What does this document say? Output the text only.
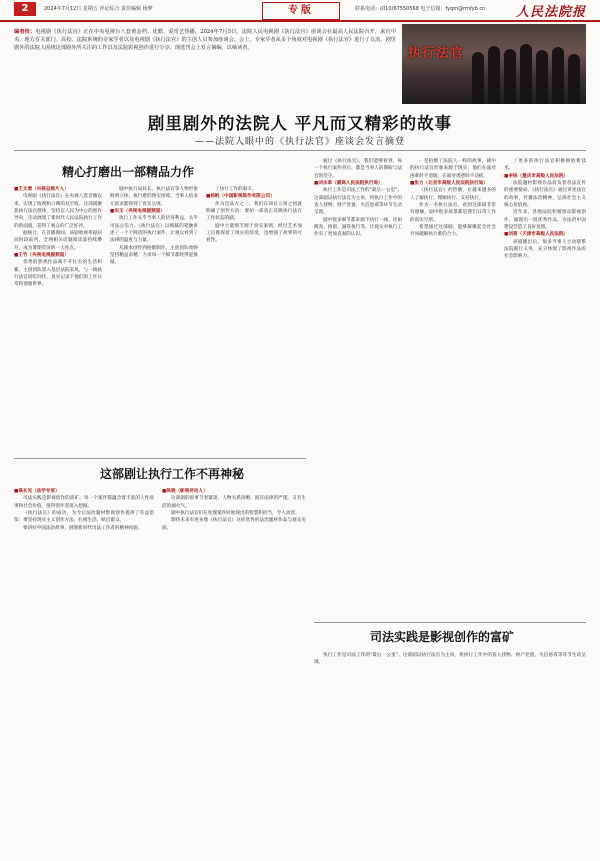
2	2024年7月12日 星期五 评论综合 责任编辑 杨梦	专版	联系电话：(010)67550568 电子信箱：fyqm@rmfyb.cn 人民法院报
编者按：电视剧《执行法官》正在中央电视台八套黄金档、优酷、爱奇艺热播。2024年7月5日，法院人民电视剧《执行法官》座谈会在最高人民法院召开，来自中央、地方有关部门、高校、法院系统的专家学者以及电视剧《执行法官》的主创人员参加座谈会。会上，专家学者从多个角度对电视剧《执行法官》进行了交流，剧里剧外的法院人围绕这部剧外所关注的工作以及法院影视创作进行分享。现选刊会上发言摘编，以飨读者。	执行法官
剧里剧外的法院人 平凡而又精彩的故事
——法院人眼中的《执行法官》座谈会发言摘登
精心打磨出一部精品力作
这部剧让执行工作不再神秘
司法实践是影视创作的富矿

■王文增（央视总制片人）

电视剧《执行法官》在央视八套首播以来，实现了收视和口碑的双丰收。这部剧聚焦执行法官群体，坚持以人民为中心的创作导向，生动展现了新时代人民法院执行工作的新面貌，获得了观众的广泛好评。

据统计，在首播期间，该剧收视率稳居同时段前列，全网相关话题阅读量持续攀升，成为暑期荧屏的一大亮点。

■王竹（央视电视剧频道）

优秀的影视作品离不开扎实的生活积累。主创团队深入基层法院采风，与一线执行法官同吃同住，真实记录下他们的工作日常和情感世界。

剧中执行局局长、执行法官等人物形象鲜明立体，执行难的现实困境、当事人的多元诉求都得到了真实呈现。

■宋玉（央视电视剧频道）

执行工作关乎当事人的切身利益，关乎司法公信力。《执行法官》以细腻的笔触讲述了一个个鲜活的执行案件，让观众看到了法律的温度与力量。

从剧本创作到拍摄制作，主创团队始终坚持精益求精，力求每一个细节都经得起推敲。

了执行工作的艰辛。

■杨帆（中国影视制作有限公司）

作为出品方之一，我们在项目立项之初就明确了创作方向：要拍一部真正反映执行法官工作状态的剧。

剧中大量情节源于真实案例，经过艺术加工后既保留了现实的厚度，也增强了故事的可看性。

通过《执行法官》，我们能够看到，每一个执行案件背后，都是当事人的期盼与法官的坚守。

■刘永革（最高人民法院执行局）

执行工作是司法工作的"最后一公里"。这部剧以执行法官为主角，将执行工作中的查人找物、财产处置、失信惩戒等环节生动呈现。

剧中很多细节都来源于执行一线，比如搜查、拘留、悬赏执行等，让观众对执行工作有了更加直观的认识。

一是拍摄了法院人一样的故事。剧中的执行法官形象来源于现实，他们在面对困难时不退缩，在面对诱惑时不动摇。

■张力（北京市高级人民法院执行局）

《执行法官》的热播，让越来越多的人了解执行、理解执行、支持执行。

作为一名执行法官，看到这部剧非常有感触，剧中很多场景都是我们日常工作的真实写照。

希望通过这部剧，能够凝聚起全社会共同破解执行难的合力。

了更多的执行法官积极拥抱新技术。

■李杨（重庆市高级人民法院）

法院题材影视作品肩负着普法宣传的重要使命。《执行法官》通过讲述法官的故事，传播法治精神，弘扬社会主义核心价值观。

近年来，各地法院积极推动影视创作，涌现出一批优秀作品，为法治中国建设营造了良好氛围。

■刘茜（天津市高级人民法院）

该剧播出后，很多当事人主动联系法院履行义务，充分体现了影视作品的社会影响力。

■高长见（法学专家）

司法实践是影视创作的富矿。每一个案件都蕴含着丰富的人性故事和社会价值，值得创作者深入挖掘。

《执行法官》的成功，为今后法治题材影视创作提供了有益借鉴：要坚持现实主义创作方法，扎根生活、贴近群众。

要讲好中国法治故事，展现新时代司法工作者的精神风貌。

■陈晓（影视评论人）

这部剧的叙事节奏紧凑，人物关系清晰，既有法律的严谨，又有生活的烟火气。

剧中执行法官们在处理案件时展现出的智慧和担当，令人动容。

期待未来有更多像《执行法官》这样优秀的法治题材作品与观众见面。

执行工作是司法工作的"最后一公里"。这部剧以执行法官为主角，将执行工作中的查人找物、财产处置、失信惩戒等环节生动呈现。
